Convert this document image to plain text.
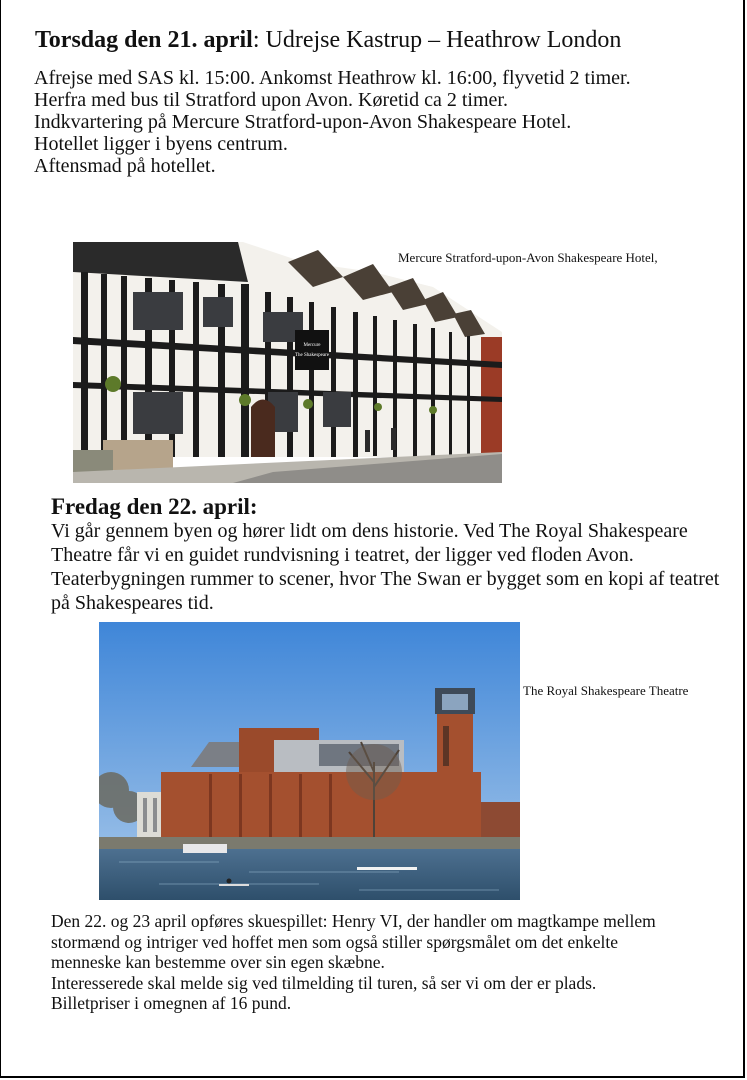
Torsdag den 21. april: Udrejse Kastrup – Heathrow London

Afrejse med SAS kl. 15:00. Ankomst Heathrow kl. 16:00, flyvetid 2 timer.

Herfra med bus til Stratford upon Avon. Køretid ca 2 timer.

Indkvartering på Mercure Stratford-upon-Avon Shakespeare Hotel.

Hotellet ligger i byens centrum.

Aftensmad på hotellet.

Mercure
The Shakespeare
Mercure Stratford-upon-Avon Shakespeare Hotel,
Fredag den 22. april:

Vi går gennem byen og hører lidt om dens historie. Ved The Royal Shakespeare Theatre får vi en guidet rundvisning i teatret, der ligger ved floden Avon. Teaterbygningen rummer to scener, hvor The Swan er bygget som en kopi af teatret på Shakespeares tid.

The Royal Shakespeare Theatre

Den 22. og 23 april opføres skuespillet: Henry VI, der handler om magtkampe mellem stormænd og intriger ved hoffet men som også stiller spørgsmålet om det enkelte menneske kan bestemme over sin egen skæbne.

Interesserede skal melde sig ved tilmelding til turen, så ser vi om der er plads.

Billetpriser i omegnen af 16 pund.
